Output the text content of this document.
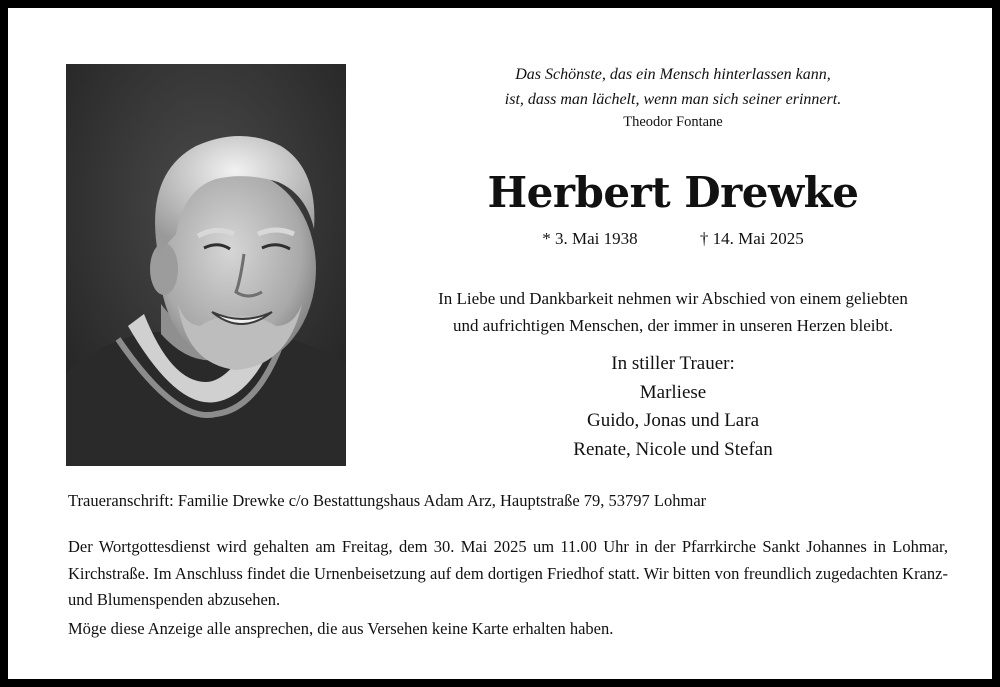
Das Schönste, das ein Mensch hinterlassen kann,
ist, dass man lächelt, wenn man sich seiner erinnert.
Theodor Fontane
Herbert Drewke
* 3. Mai 1938	† 14. Mai 2025
In Liebe und Dankbarkeit nehmen wir Abschied von einem geliebten
und aufrichtigen Menschen, der immer in unseren Herzen bleibt.
In stiller Trauer:
Marliese
Guido, Jonas und Lara
Renate, Nicole und Stefan
Traueranschrift: Familie Drewke c/o Bestattungshaus Adam Arz, Hauptstraße 79, 53797 Lohmar
Der Wortgottesdienst wird gehalten am Freitag, dem 30. Mai 2025 um 11.00 Uhr in der Pfarrkirche Sankt Johannes in Lohmar, Kirchstraße. Im Anschluss findet die Urnenbeisetzung auf dem dortigen Friedhof statt. Wir bitten von freundlich zugedachten Kranz- und Blumenspenden abzusehen.
Möge diese Anzeige alle ansprechen, die aus Versehen keine Karte erhalten haben.
